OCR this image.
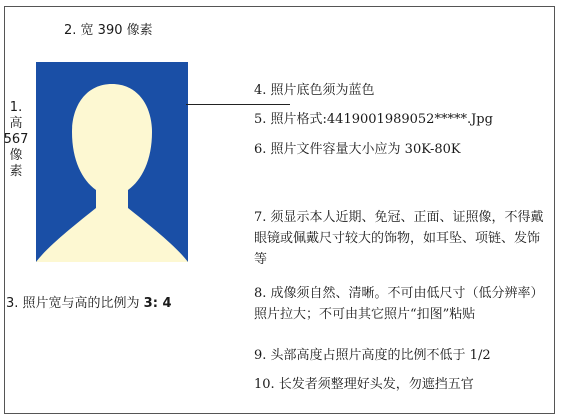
2. 宽 390 像素
1.
高
567
像
素
3. 照片宽与高的比例为 3: 4
4. 照片底色须为蓝色
5. 照片格式:4419001989052*****.Jpg
6. 照片文件容量大小应为 30K-80K
7. 须显示本人近期、免冠、正面、证照像，不得戴眼镜或佩戴尺寸较大的饰物，如耳坠、项链、发饰等
8. 成像须自然、清晰。不可由低尺寸（低分辨率）照片拉大；不可由其它照片“扣图”粘贴
9. 头部高度占照片高度的比例不低于 1/2
10. 长发者须整理好头发，勿遮挡五官
